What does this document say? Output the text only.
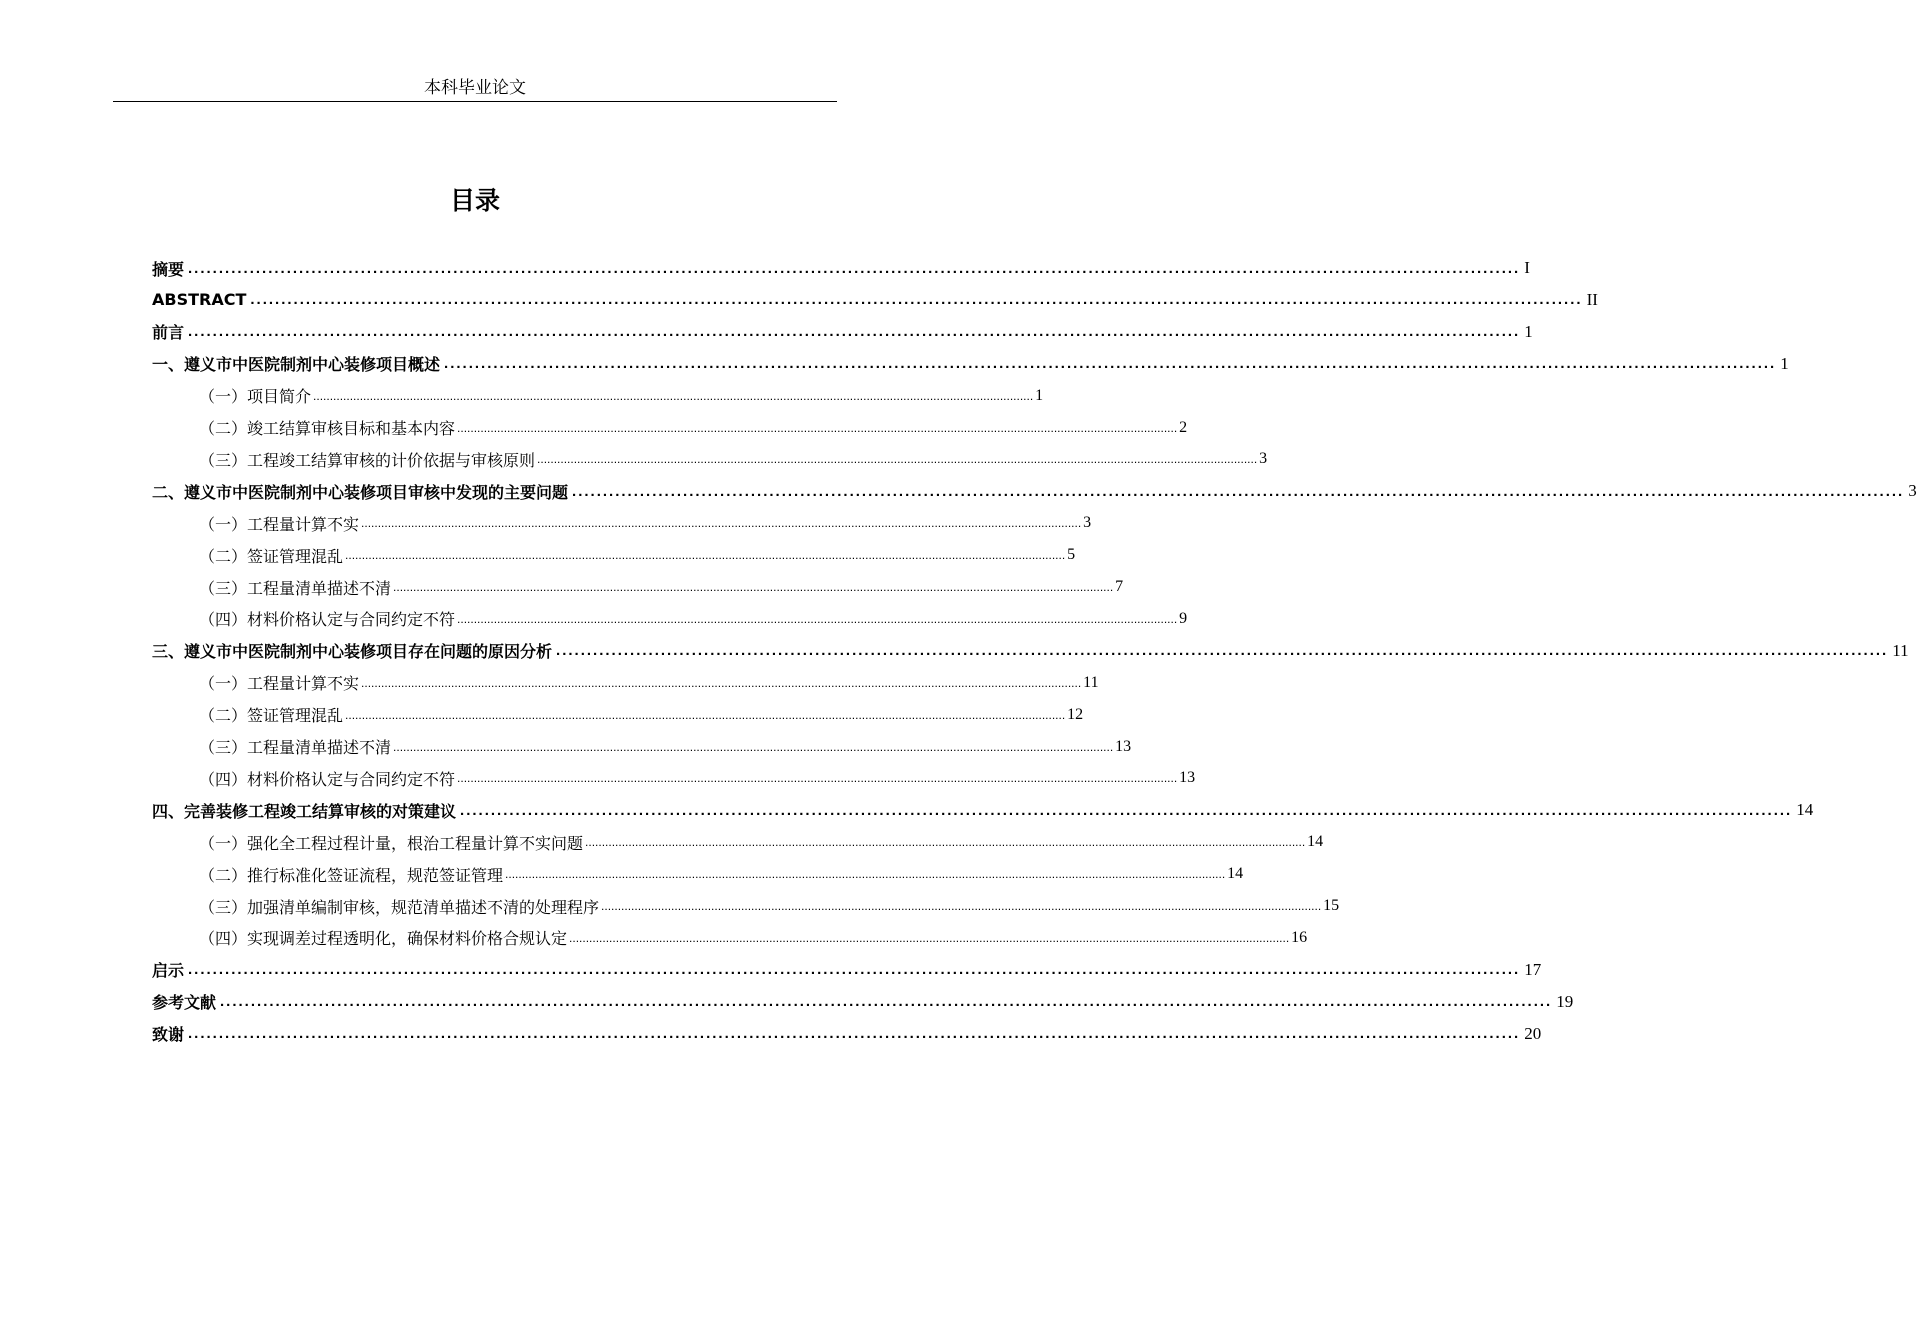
本科毕业论文
目录
摘要 ........................................................................................................................................................................................................................ I
ABSTRACT ........................................................................................................................................................................................................................ II
前言 ........................................................................................................................................................................................................................ 1
一、 遵义市中医院制剂中心装修项目概述 ........................................................................................................................................................................................................................ 1
（一） 项目简介 ........................................................................................................................................................................................................................ 1
（二） 竣工结算审核目标和基本内容 ........................................................................................................................................................................................................................ 2
（三） 工程竣工结算审核的计价依据与审核原则 ........................................................................................................................................................................................................................ 3
二、 遵义市中医院制剂中心装修项目审核中发现的主要问题 ........................................................................................................................................................................................................................ 3
（一） 工程量计算不实 ........................................................................................................................................................................................................................ 3
（二） 签证管理混乱 ........................................................................................................................................................................................................................ 5
（三） 工程量清单描述不清 ........................................................................................................................................................................................................................ 7
（四） 材料价格认定与合同约定不符 ........................................................................................................................................................................................................................ 9
三、 遵义市中医院制剂中心装修项目存在问题的原因分析 ........................................................................................................................................................................................................................ 11
（一） 工程量计算不实 ........................................................................................................................................................................................................................ 11
（二） 签证管理混乱 ........................................................................................................................................................................................................................ 12
（三） 工程量清单描述不清 ........................................................................................................................................................................................................................ 13
（四） 材料价格认定与合同约定不符 ........................................................................................................................................................................................................................ 13
四、 完善装修工程竣工结算审核的对策建议 ........................................................................................................................................................................................................................ 14
（一） 强化全工程过程计量，根治工程量计算不实问题 ........................................................................................................................................................................................................................ 14
（二） 推行标准化签证流程，规范签证管理 ........................................................................................................................................................................................................................ 14
（三） 加强清单编制审核，规范清单描述不清的处理程序 ........................................................................................................................................................................................................................ 15
（四） 实现调差过程透明化，确保材料价格合规认定 ........................................................................................................................................................................................................................ 16
启示 ........................................................................................................................................................................................................................ 17
参考文献 ........................................................................................................................................................................................................................ 19
致谢 ........................................................................................................................................................................................................................ 20
